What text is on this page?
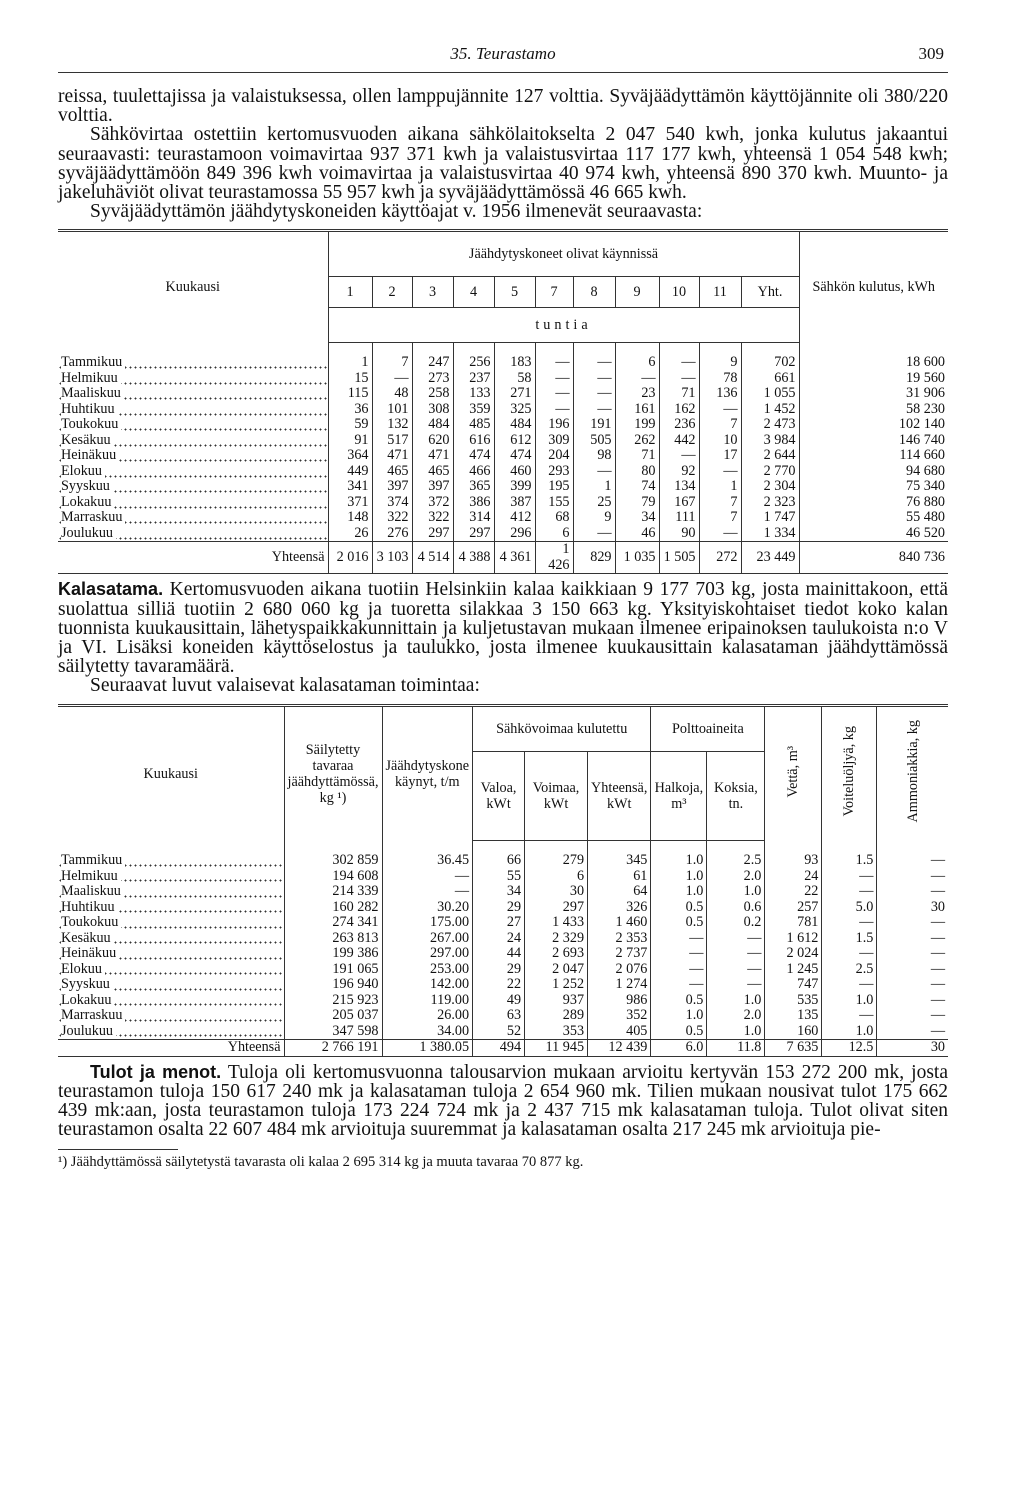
35. Teurastamo	309

reissa, tuulettajissa ja valaistuksessa, ollen lamppujännite 127 volttia. Syväjäädyttämön käyttöjännite oli 380/220 volttia.

Sähkövirtaa ostettiin kertomusvuoden aikana sähkölaitokselta 2 047 540 kwh, jonka kulutus jakaantui seuraavasti: teurastamoon voimavirtaa 937 371 kwh ja valaistusvirtaa 117 177 kwh, yhteensä 1 054 548 kwh; syväjäädyttämöön 849 396 kwh voimavirtaa ja valaistusvirtaa 40 974 kwh, yhteensä 890 370 kwh. Muunto- ja jakeluhäviöt olivat teurastamossa 55 957 kwh ja syväjäädyttämössä 46 665 kwh.

Syväjäädyttämön jäähdytyskoneiden käyttöajat v. 1956 ilmenevät seuraavasta:

Kuukausi	Jäähdytyskoneet olivat käynnissä											Sähkön kulutus, kWh
	1	2	3	4	5	7	8	9	10	11	Yht.	
	tuntia											

Tammikuu	1	7	247	256	183	—	—	6	—	9	702	18 600
Helmikuu	15	—	273	237	58	—	—	—	—	78	661	19 560
Maaliskuu	115	48	258	133	271	—	—	23	71	136	1 055	31 906
Huhtikuu	36	101	308	359	325	—	—	161	162	—	1 452	58 230
Toukokuu	59	132	484	485	484	196	191	199	236	7	2 473	102 140
Kesäkuu	91	517	620	616	612	309	505	262	442	10	3 984	146 740
Heinäkuu	364	471	471	474	474	204	98	71	—	17	2 644	114 660
Elokuu	449	465	465	466	460	293	—	80	92	—	2 770	94 680
Syyskuu	341	397	397	365	399	195	1	74	134	1	2 304	75 340
Lokakuu	371	374	372	386	387	155	25	79	167	7	2 323	76 880
Marraskuu	148	322	322	314	412	68	9	34	111	7	1 747	55 480
Joulukuu	26	276	297	297	296	6	—	46	90	—	1 334	46 520
Yhteensä	2 016	3 103	4 514	4 388	4 361	1 426	829	1 035	1 505	272	23 449	840 736

Kalasatama. Kertomusvuoden aikana tuotiin Helsinkiin kalaa kaikkiaan 9 177 703 kg, josta mainittakoon, että suolattua silliä tuotiin 2 680 060 kg ja tuoretta silakkaa 3 150 663 kg. Yksityiskohtaiset tiedot koko kalan tuonnista kuukausittain, lähetyspaikkakunnittain ja kuljetustavan mukaan ilmenee eripainoksen taulukoista n:o V ja VI. Lisäksi koneiden käyttöselostus ja taulukko, josta ilmenee kuukausittain kalasataman jäähdyttämössä säilytetty tavaramäärä.

Seuraavat luvut valaisevat kalasataman toimintaa:

Kuukausi	Säilytetty tavaraa jäähdyttämössä, kg ¹)	Jäähdytyskone käynyt, t/m	Sähkövoimaa kulutettu			Polttoaineita		Vettä, m³	Voiteluöljyä, kg	Ammoniakkia, kg
			Valoa, kWt	Voimaa, kWt	Yhteensä, kWt	Halkoja, m³	Koksia, tn.			

Tammikuu	302 859	36.45	66	279	345	1.0	2.5	93	1.5	—
Helmikuu	194 608	—	55	6	61	1.0	2.0	24	—	—
Maaliskuu	214 339	—	34	30	64	1.0	1.0	22	—	—
Huhtikuu	160 282	30.20	29	297	326	0.5	0.6	257	5.0	30
Toukokuu	274 341	175.00	27	1 433	1 460	0.5	0.2	781	—	—
Kesäkuu	263 813	267.00	24	2 329	2 353	—	—	1 612	1.5	—
Heinäkuu	199 386	297.00	44	2 693	2 737	—	—	2 024	—	—
Elokuu	191 065	253.00	29	2 047	2 076	—	—	1 245	2.5	—
Syyskuu	196 940	142.00	22	1 252	1 274	—	—	747	—	—
Lokakuu	215 923	119.00	49	937	986	0.5	1.0	535	1.0	—
Marraskuu	205 037	26.00	63	289	352	1.0	2.0	135	—	—
Joulukuu	347 598	34.00	52	353	405	0.5	1.0	160	1.0	—
Yhteensä	2 766 191	1 380.05	494	11 945	12 439	6.0	11.8	7 635	12.5	30

Tulot ja menot. Tuloja oli kertomusvuonna talousarvion mukaan arvioitu kertyvän 153 272 200 mk, josta teurastamon tuloja 150 617 240 mk ja kalasataman tuloja 2 654 960 mk. Tilien mukaan nousivat tulot 175 662 439 mk:aan, josta teurastamon tuloja 173 224 724 mk ja 2 437 715 mk kalasataman tuloja. Tulot olivat siten teurastamon osalta 22 607 484 mk arvioituja suuremmat ja kalasataman osalta 217 245 mk arvioituja pie-

¹) Jäähdyttämössä säilytetystä tavarasta oli kalaa 2 695 314 kg ja muuta tavaraa 70 877 kg.
